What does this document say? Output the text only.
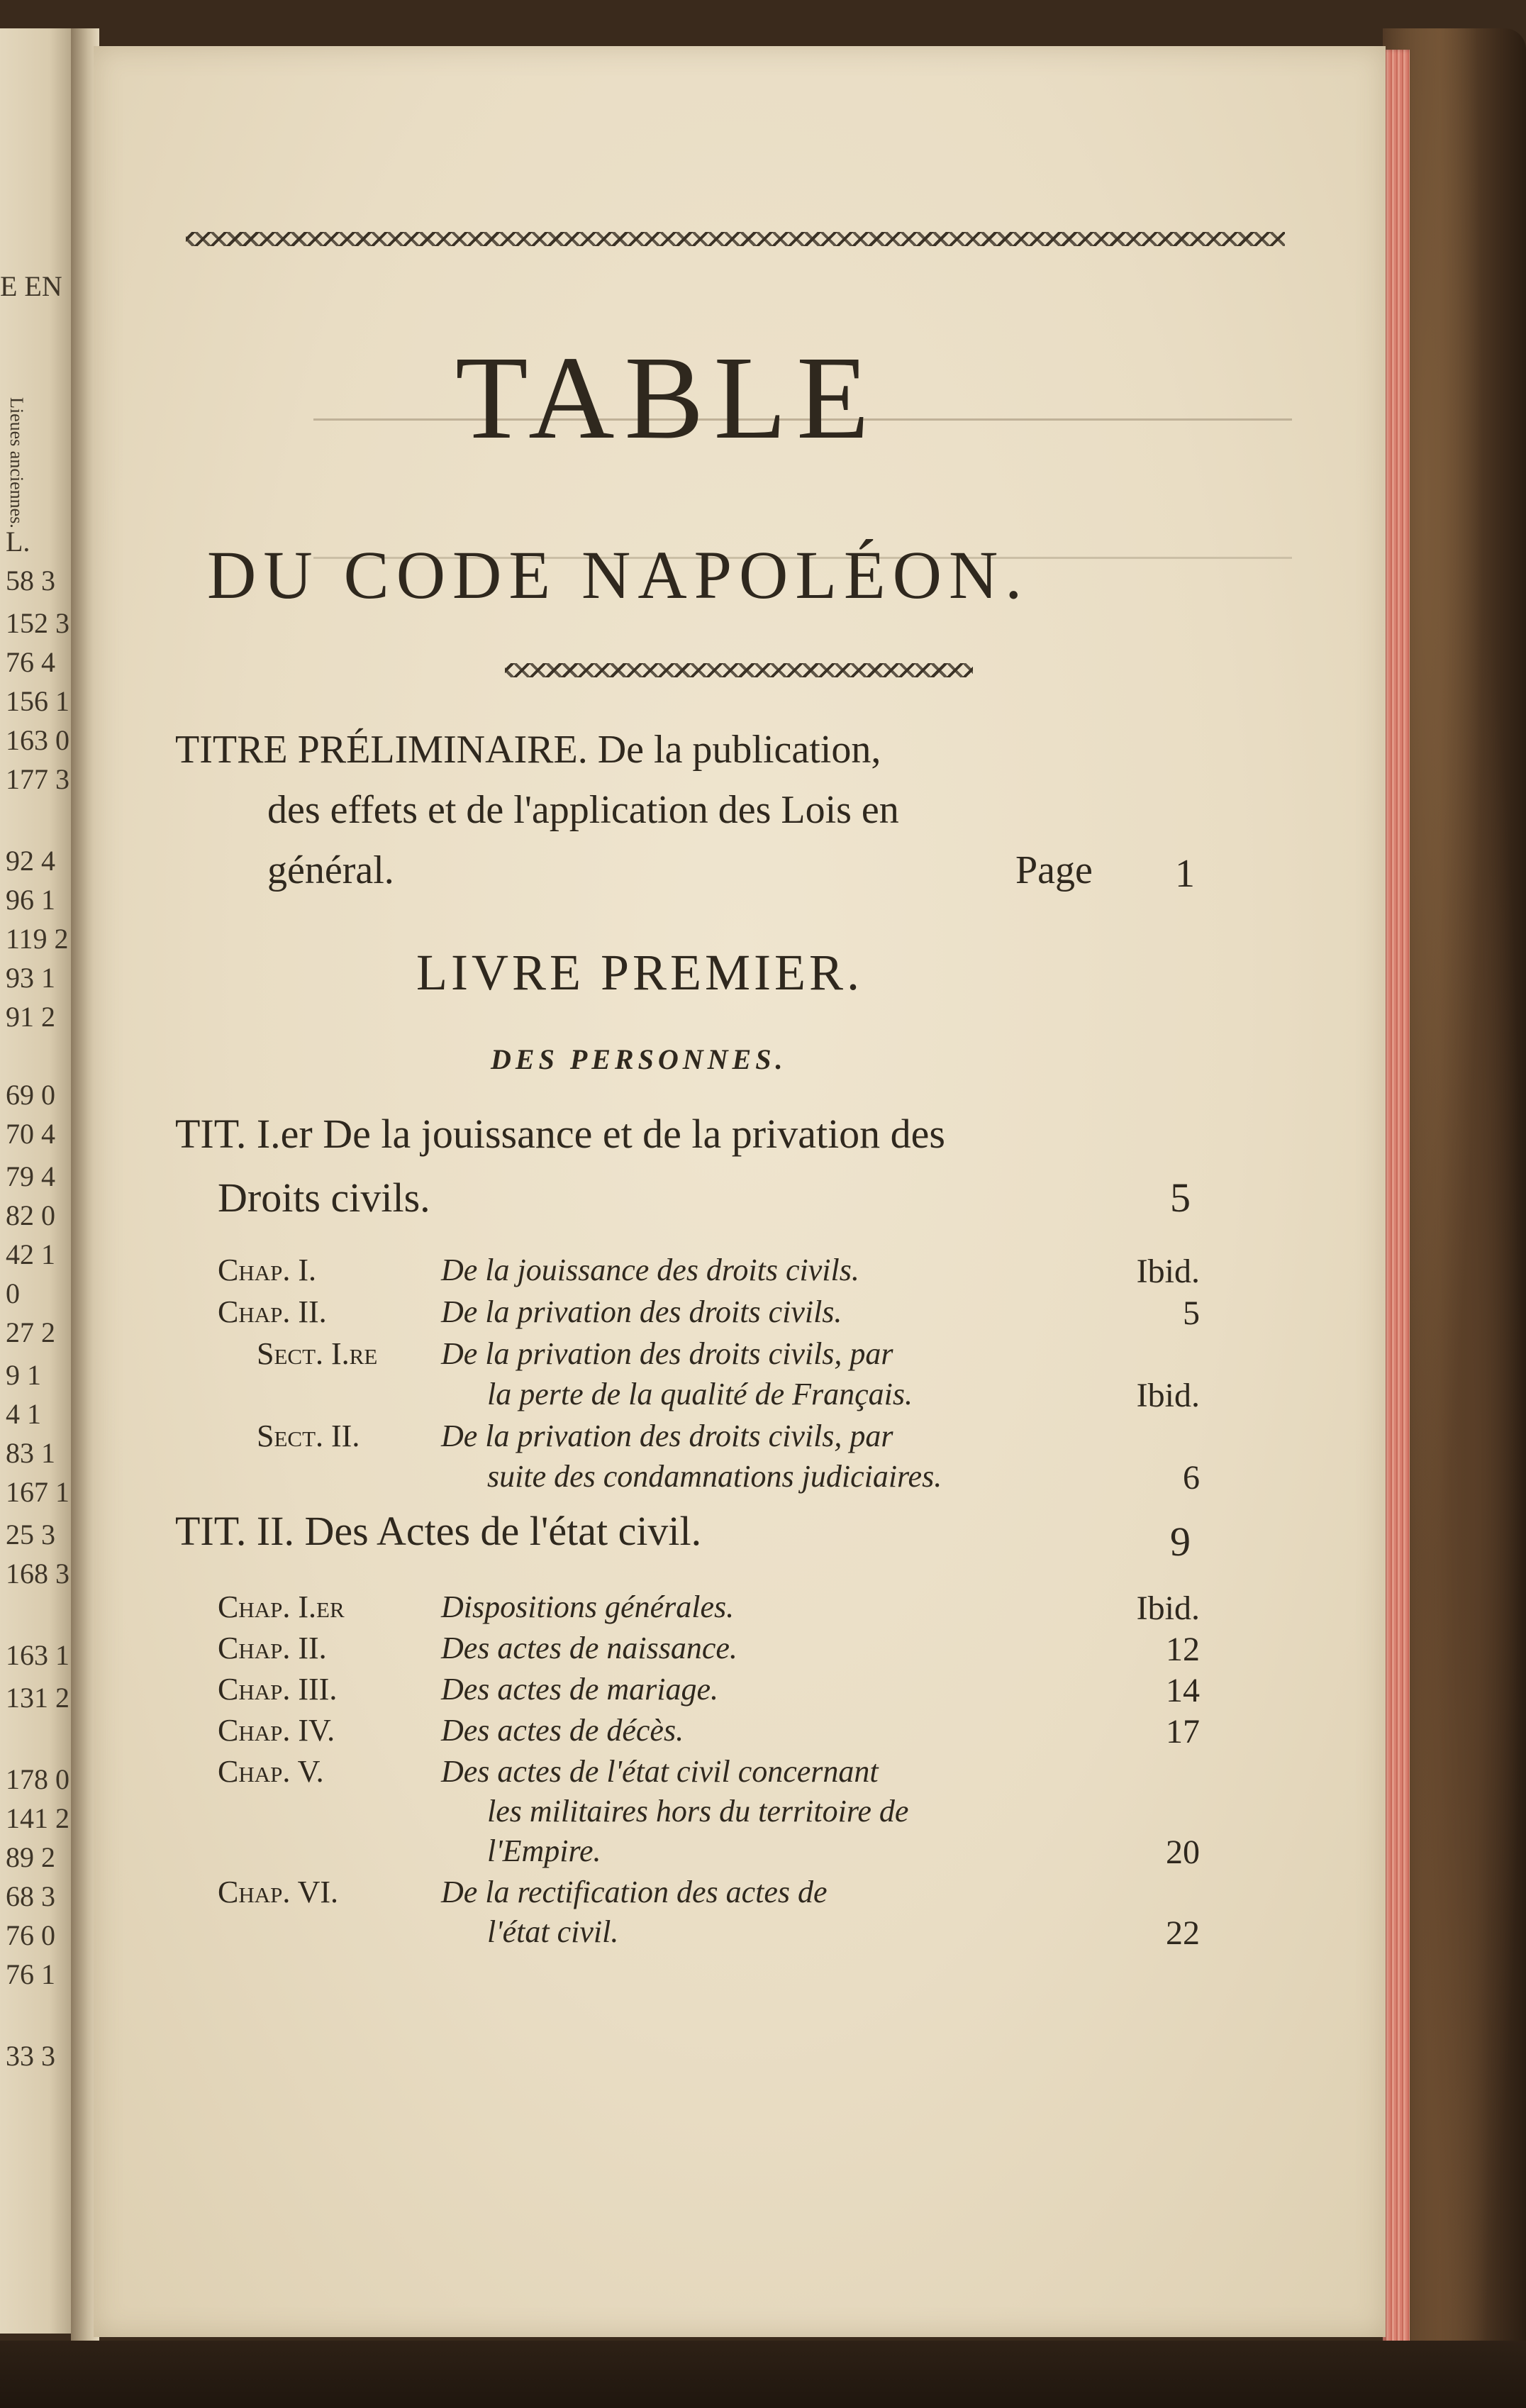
E EN
Lieues anciennes.
L.
58 3
152 3
76 4
156 1
163 0
177 3
92 4
96 1
119 2
93 1
91 2
69 0
70 4
79 4
82 0
42 1
0
27 2
9 1
4 1
83 1
167 1
25 3
168 3
163 1
131 2
178 0
141 2
89 2
68 3
76 0
76 1
33 3
TABLE
DU CODE NAPOLÉON.
TITRE PRÉLIMINAIRE. De la publication,
des effets et de l'application des Lois en
général.	Page 1
LIVRE PREMIER.
DES PERSONNES.
TIT. I.er De la jouissance et de la privation des
Droits civils.	5
Chap. I.	De la jouissance des droits civils.	Ibid.
Chap. II.	De la privation des droits civils.	5
Sect. I.re De la privation des droits civils, par
la perte de la qualité de Français.	Ibid.
Sect. II.	De la privation des droits civils, par
suite des condamnations judiciaires.	6
TIT. II. Des Actes de l'état civil.	9
Chap. I.er	Dispositions générales.	Ibid.
Chap. II.	Des actes de naissance.	12
Chap. III.	Des actes de mariage.	14
Chap. IV.	Des actes de décès.	17
Chap. V.	Des actes de l'état civil concernant
les militaires hors du territoire de
l'Empire.	20
Chap. VI.	De la rectification des actes de
l'état civil.	22
